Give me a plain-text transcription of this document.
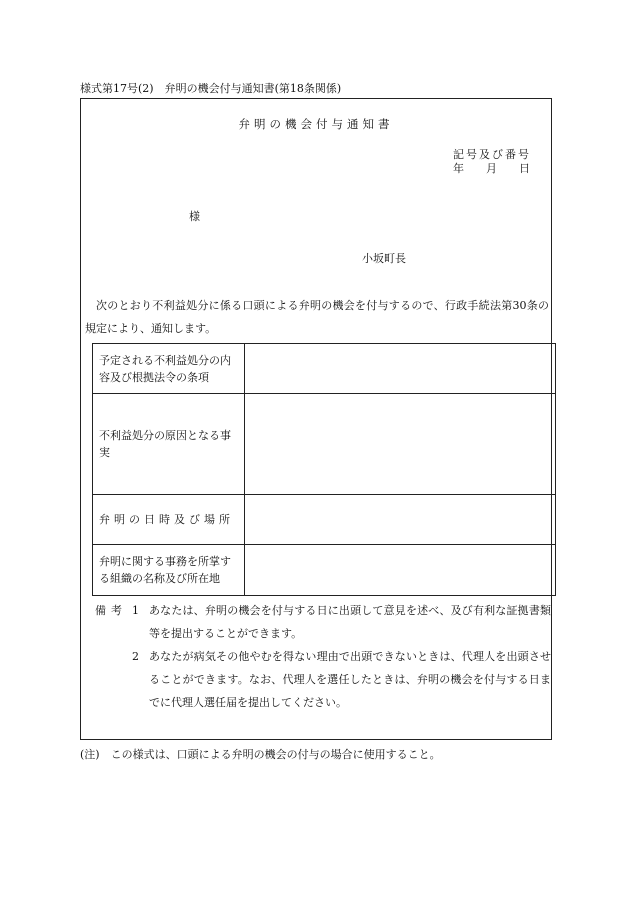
様式第17号(2)　弁明の機会付与通知書(第18条関係)
弁明の機会付与通知書
記号及び番号
年 月 日
様
小坂町長
次のとおり不利益処分に係る口頭による弁明の機会を付与するので、行政手続法第30条の規定により、通知します。
予定される不利益処分の内容及び根拠法令の条項	
不利益処分の原因となる事実	
弁明の日時及び場所	
弁明に関する事務を所掌する組織の名称及び所在地	
備考 1 あなたは、弁明の機会を付与する日に出頭して意見を述べ、及び有利な証拠書類等を提出することができます。
2 あなたが病気その他やむを得ない理由で出頭できないときは、代理人を出頭させることができます。なお、代理人を選任したときは、弁明の機会を付与する日までに代理人選任届を提出してください。
(注)　この様式は、口頭による弁明の機会の付与の場合に使用すること。
